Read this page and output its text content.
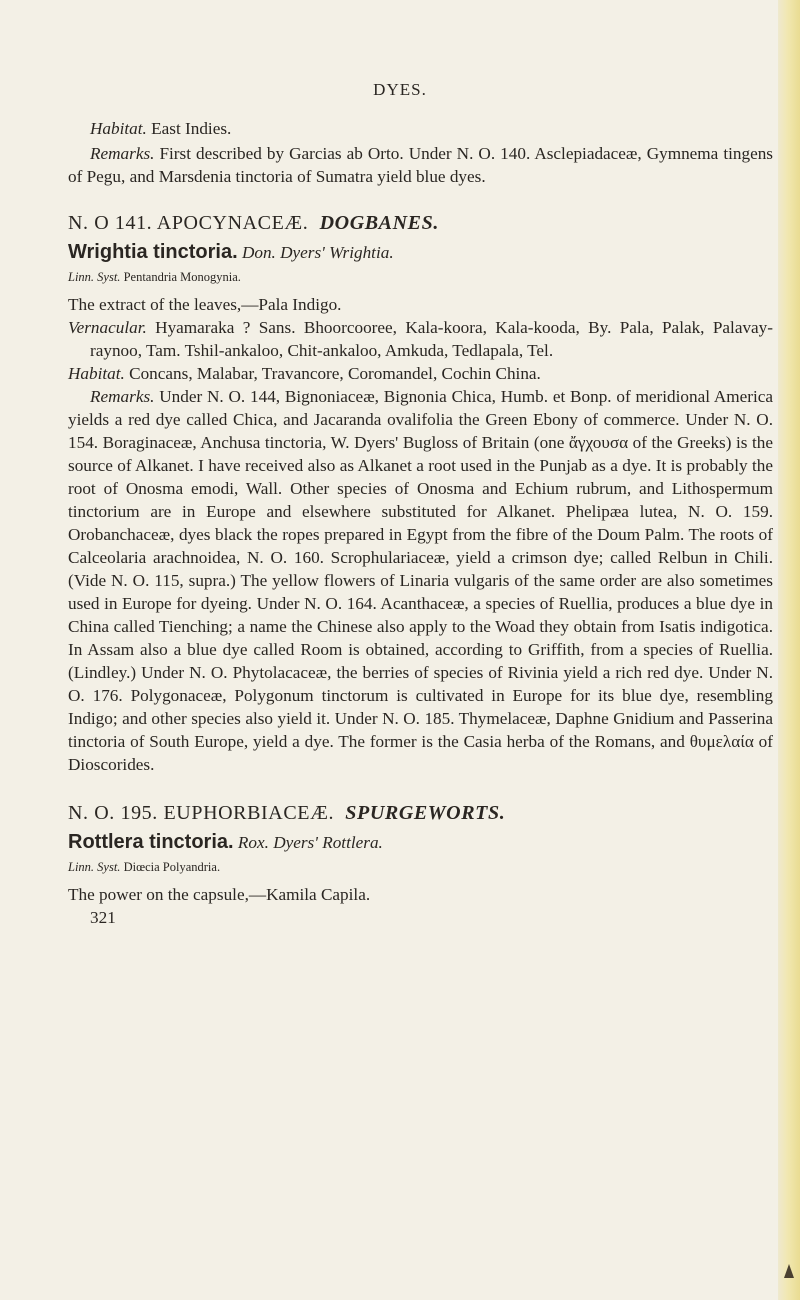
DYES.

Habitat. East Indies.

Remarks. First described by Garcias ab Orto. Under N. O. 140. Asclepiadaceæ, Gymnema tingens of Pegu, and Marsdenia tinctoria of Sumatra yield blue dyes.

N. O 141. APOCYNACEÆ. DOGBANES.

Wrightia tinctoria. Don. Dyers' Wrightia.

Linn. Syst. Pentandria Monogynia.

The extract of the leaves,—Pala Indigo.

Vernacular. Hyamaraka ? Sans. Bhoorcooree, Kala-koora, Kala-kooda, By. Pala, Palak, Palavay-raynoo, Tam. Tshil-ankaloo, Chit-ankaloo, Amkuda, Tedlapala, Tel.

Habitat. Concans, Malabar, Travancore, Coromandel, Cochin China.

Remarks. Under N. O. 144, Bignoniaceæ, Bignonia Chica, Humb. et Bonp. of meridional America yields a red dye called Chica, and Jacaranda ovalifolia the Green Ebony of commerce. Under N. O. 154. Boraginaceæ, Anchusa tinctoria, W. Dyers' Bugloss of Britain (one ἄγχουσα of the Greeks) is the source of Alkanet. I have received also as Alkanet a root used in the Punjab as a dye. It is probably the root of Onosma emodi, Wall. Other species of Onosma and Echium rubrum, and Lithospermum tinctorium are in Europe and elsewhere substituted for Alkanet. Phelipæa lutea, N. O. 159. Orobanchaceæ, dyes black the ropes prepared in Egypt from the fibre of the Doum Palm. The roots of Calceolaria arachnoidea, N. O. 160. Scrophulariaceæ, yield a crimson dye; called Relbun in Chili. (Vide N. O. 115, supra.) The yellow flowers of Linaria vulgaris of the same order are also sometimes used in Europe for dyeing. Under N. O. 164. Acanthaceæ, a species of Ruellia, produces a blue dye in China called Tienching; a name the Chinese also apply to the Woad they obtain from Isatis indigotica. In Assam also a blue dye called Room is obtained, according to Griffith, from a species of Ruellia. (Lindley.) Under N. O. Phytolacaceæ, the berries of species of Rivinia yield a rich red dye. Under N. O. 176. Polygonaceæ, Polygonum tinctorum is cultivated in Europe for its blue dye, resembling Indigo; and other species also yield it. Under N. O. 185. Thymelaceæ, Daphne Gnidium and Passerina tinctoria of South Europe, yield a dye. The former is the Casia herba of the Romans, and θυμελαία of Dioscorides.

N. O. 195. EUPHORBIACEÆ. SPURGEWORTS.

Rottlera tinctoria. Rox. Dyers' Rottlera.

Linn. Syst. Diœcia Polyandria.

The power on the capsule,—Kamila Capila.

321
